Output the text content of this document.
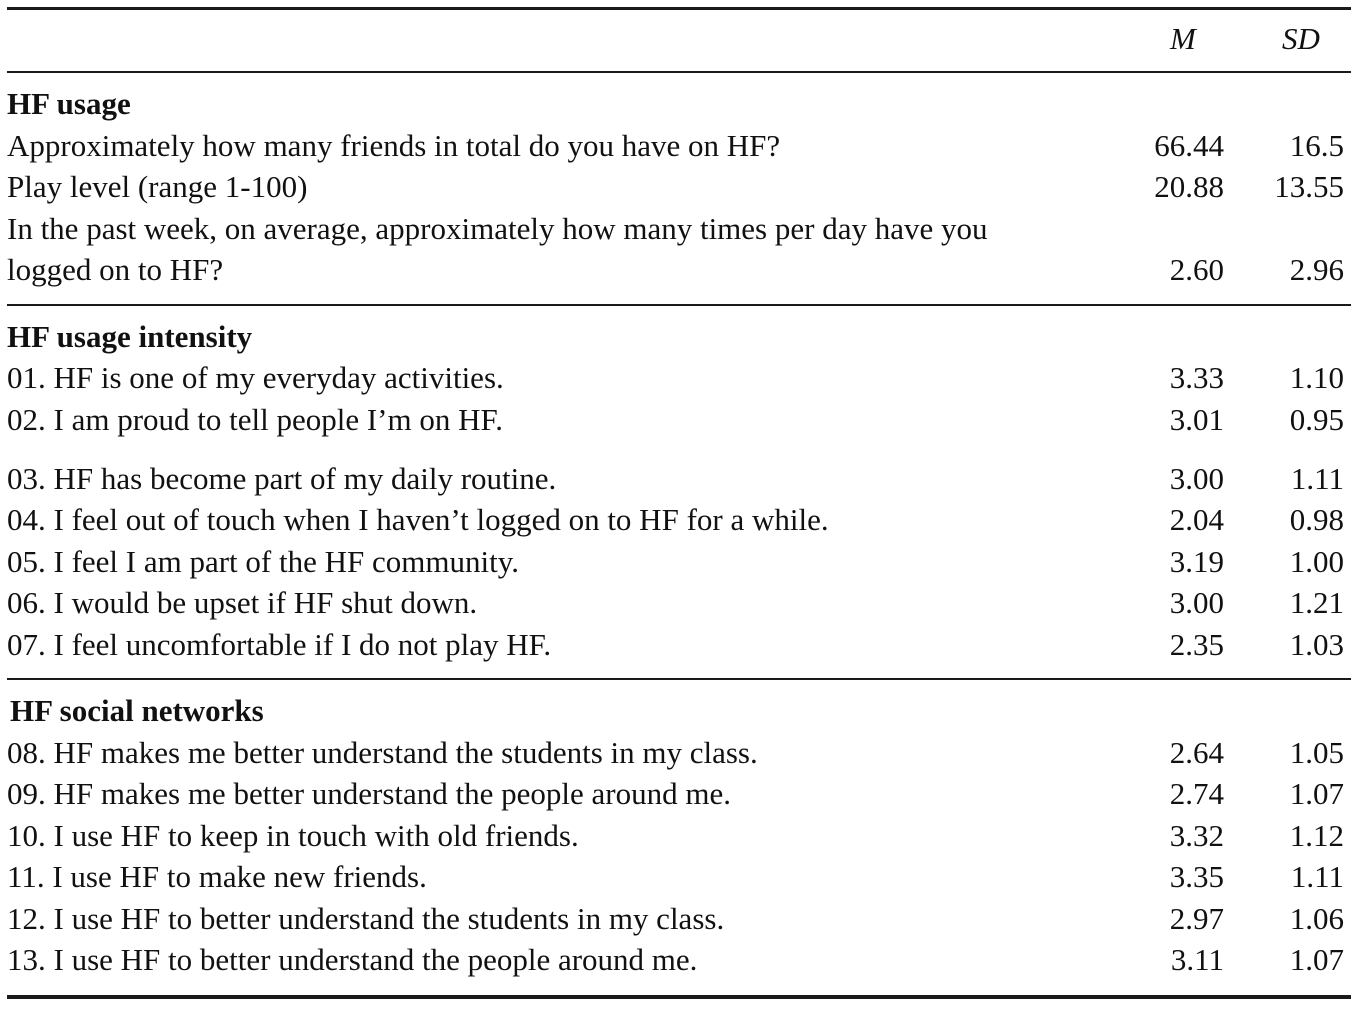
M	SD
HF usage
Approximately how many friends in total do you have on HF?	66.44 16.5
Play level (range 1-100)	20.88 13.55
In the past week, on average, approximately how many times per day have you
logged on to HF?	2.60 2.96
HF usage intensity
01. HF is one of my everyday activities.	3.33 1.10
02. I am proud to tell people I’m on HF.	3.01 0.95
03. HF has become part of my daily routine.	3.00 1.11
04. I feel out of touch when I haven’t logged on to HF for a while.	2.04 0.98
05. I feel I am part of the HF community.	3.19 1.00
06. I would be upset if HF shut down.	3.00 1.21
07. I feel uncomfortable if I do not play HF.	2.35 1.03
HF social networks
08. HF makes me better understand the students in my class.	2.64 1.05
09. HF makes me better understand the people around me.	2.74 1.07
10. I use HF to keep in touch with old friends.	3.32 1.12
11. I use HF to make new friends.	3.35 1.11
12. I use HF to better understand the students in my class.	2.97 1.06
13. I use HF to better understand the people around me.	3.11 1.07
